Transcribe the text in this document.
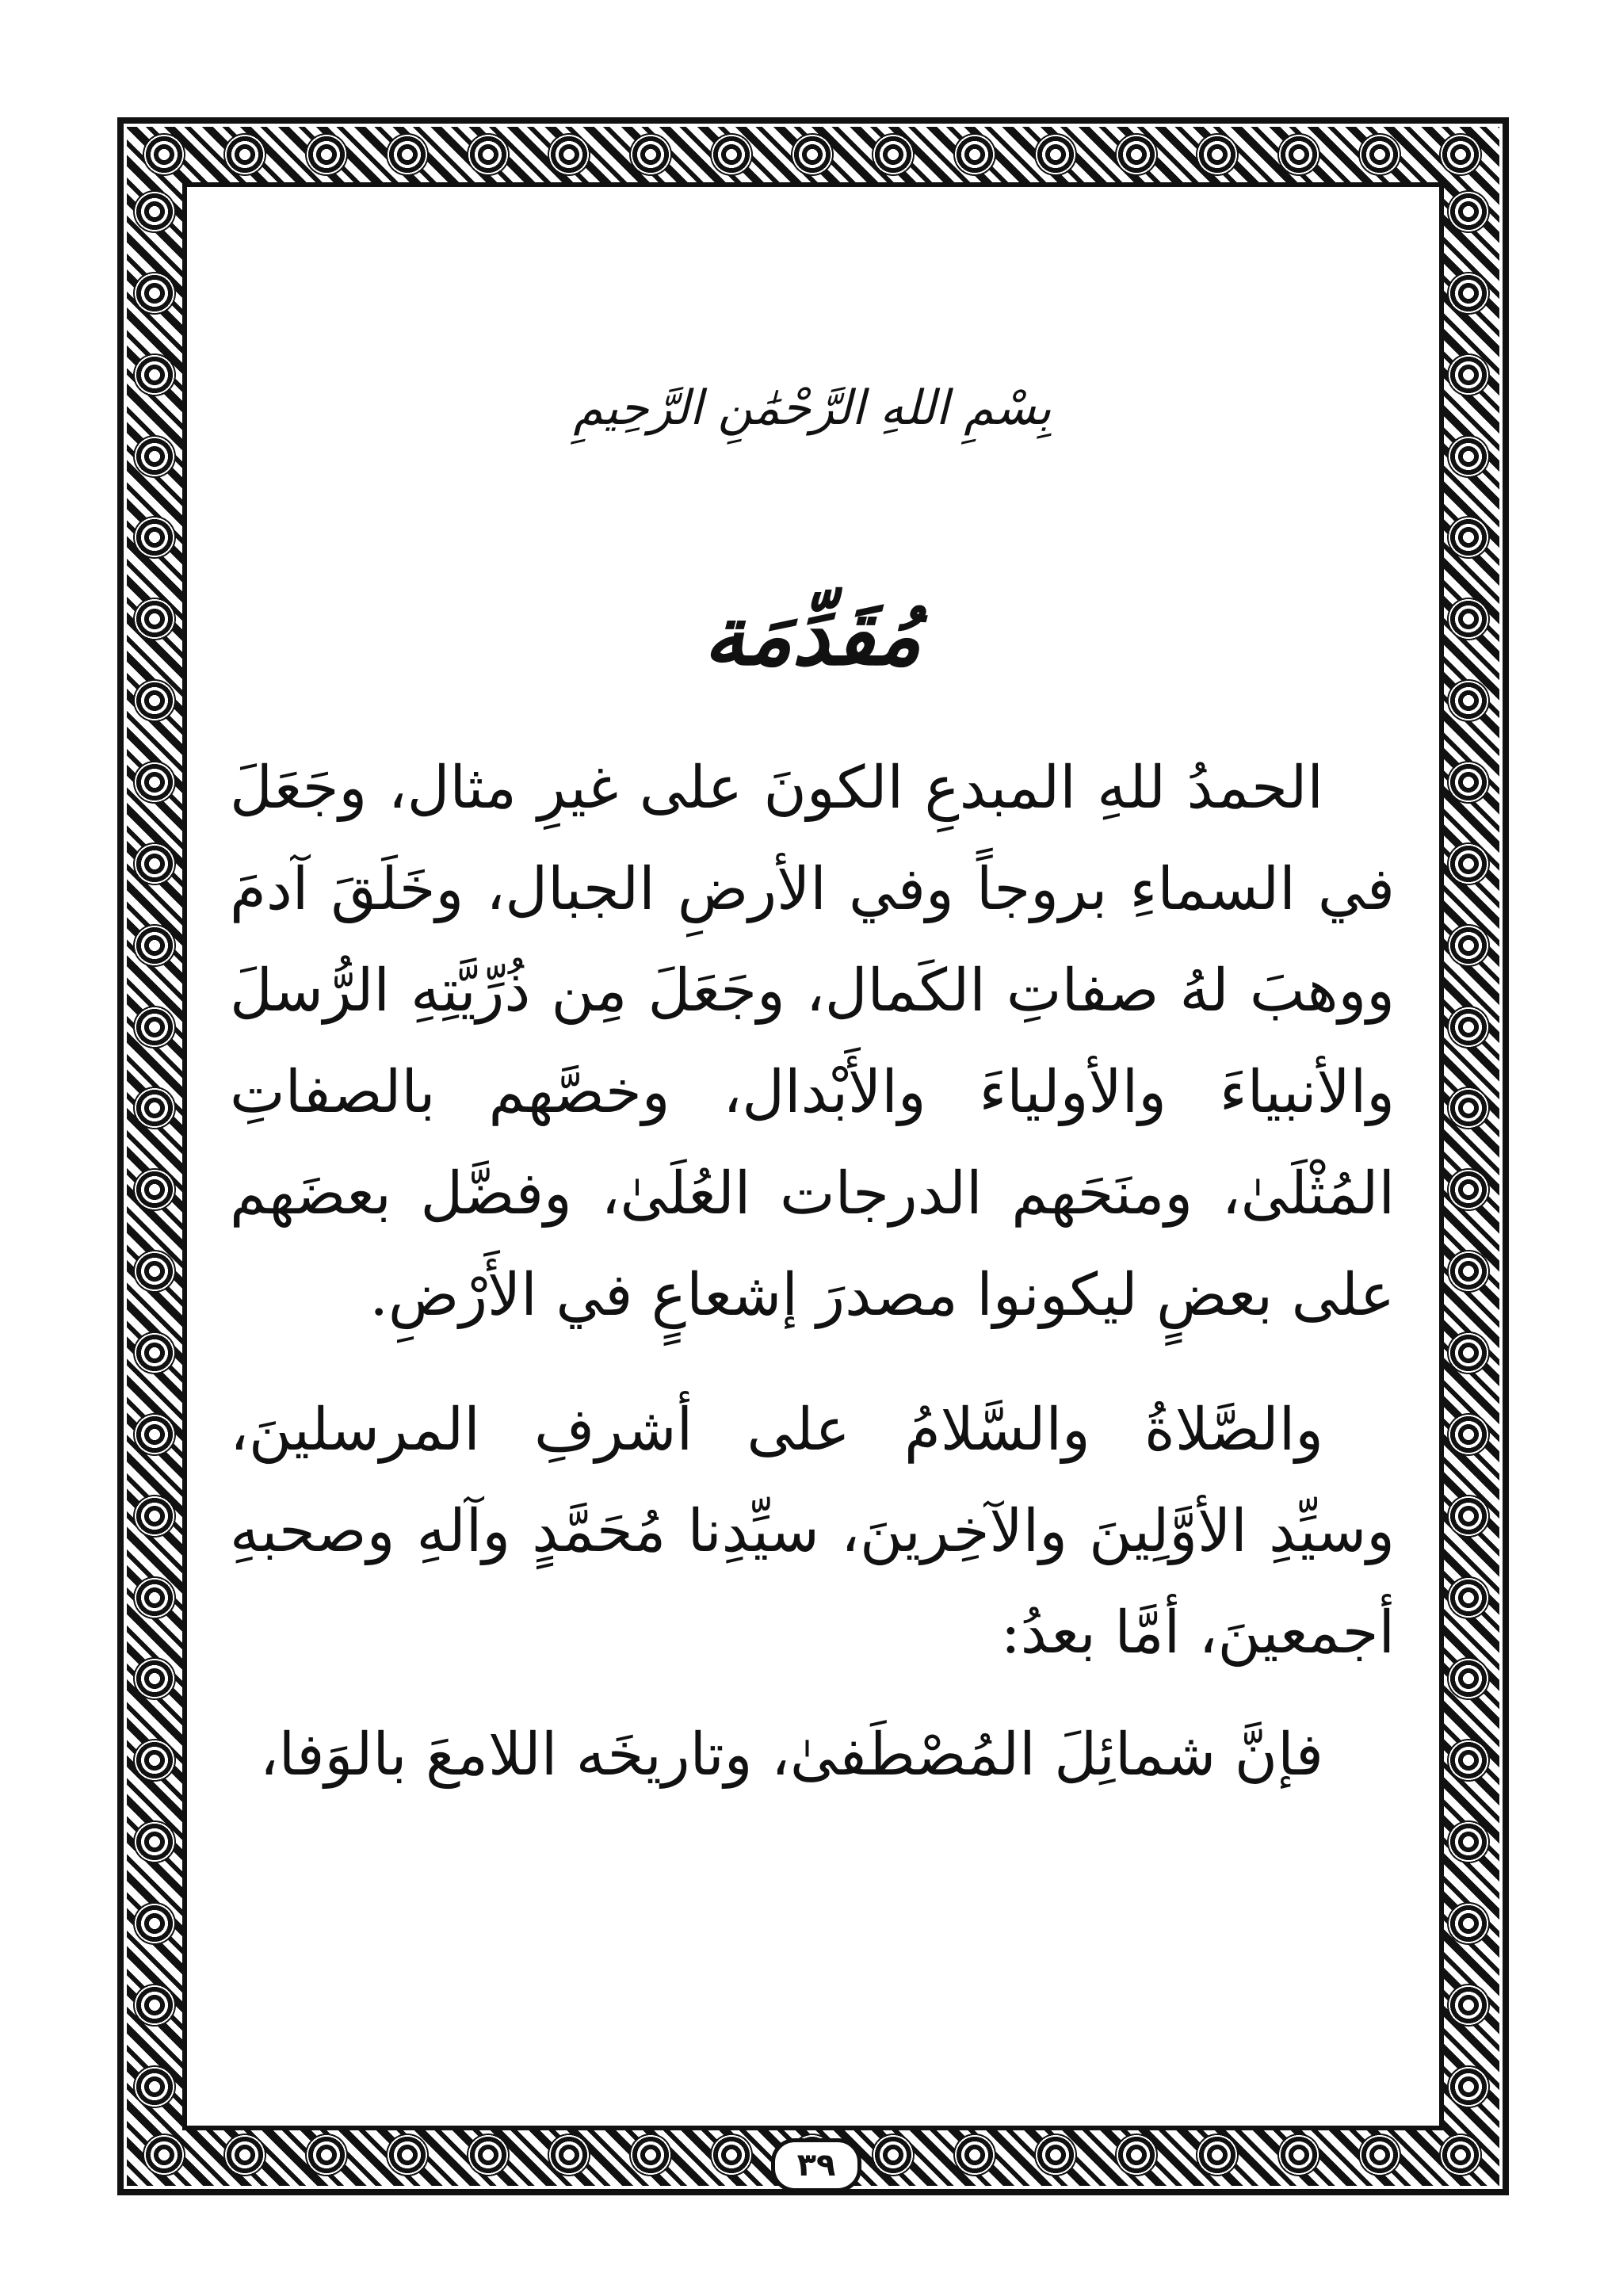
بِسْمِ اللهِ الرَّحْمَٰنِ الرَّحِيمِ

مُقَدِّمَة

الحمدُ للهِ المبدعِ الكونَ على غيرِ مثال، وجَعَلَ في السماءِ بروجاً وفي الأرضِ الجبال، وخَلَقَ آدمَ ووهبَ لهُ صفاتِ الكَمال، وجَعَلَ مِن ذُرِّيَّتِهِ الرُّسلَ والأنبياءَ والأولياءَ والأَبْدال، وخصَّهم بالصفاتِ المُثْلَىٰ، ومنَحَهم الدرجات العُلَىٰ، وفضَّل بعضَهم على بعضٍ ليكونوا مصدرَ إشعاعٍ في الأَرْضِ.

والصَّلاةُ والسَّلامُ على أشرفِ المرسلينَ، وسيِّدِ الأوَّلِينَ والآخِرينَ، سيِّدِنا مُحَمَّدٍ وآلهِ وصحبهِ أجمعينَ، أمَّا بعدُ:

فإنَّ شمائِلَ المُصْطَفىٰ، وتاريخَه اللامعَ بالوَفا،

٣٩
